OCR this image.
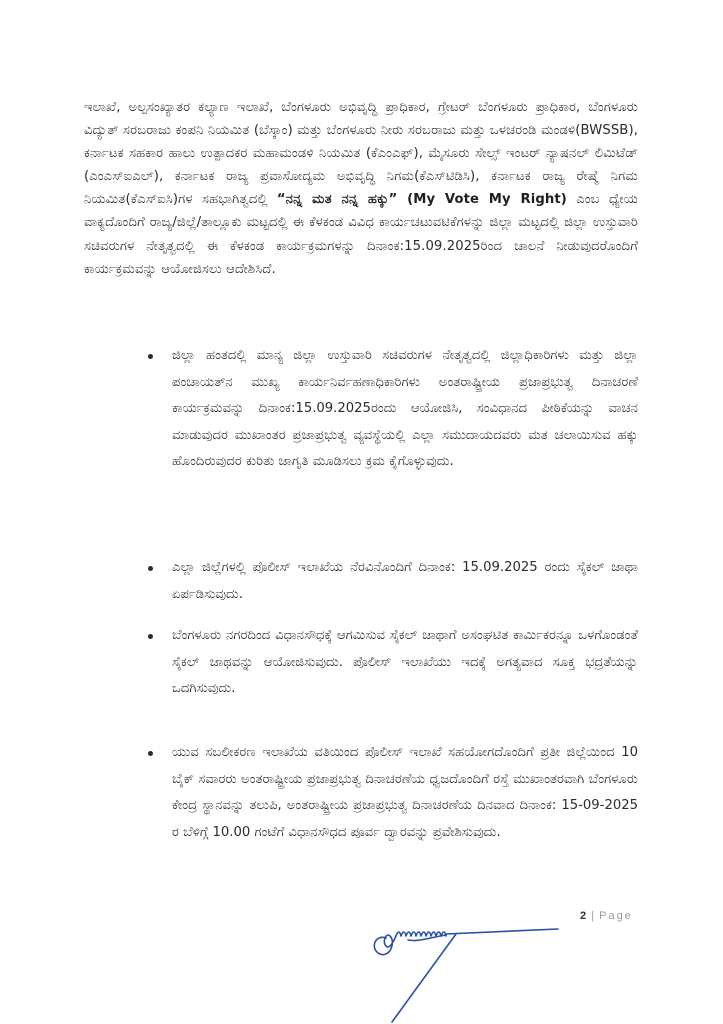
ಇಲಾಖೆ, ಅಲ್ಪಸಂಖ್ಯಾತರ ಕಲ್ಯಾಣ ಇಲಾಖೆ, ಬೆಂಗಳೂರು ಅಭಿವೃದ್ಧಿ ಪ್ರಾಧಿಕಾರ, ಗ್ರೇಟರ್ ಬೆಂಗಳೂರು ಪ್ರಾಧಿಕಾರ, ಬೆಂಗಳೂರು ವಿದ್ಯುತ್ ಸರಬರಾಜು ಕಂಪನಿ ನಿಯಮಿತ (ಬೆಸ್ಕಾಂ) ಮತ್ತು ಬೆಂಗಳೂರು ನೀರು ಸರಬರಾಜು ಮತ್ತು ಒಳಚರಂಡಿ ಮಂಡಳಿ(BWSSB), ಕರ್ನಾಟಕ ಸಹಕಾರ ಹಾಲು ಉತ್ಪಾದಕರ ಮಹಾಮಂಡಳಿ ನಿಯಮಿತ (ಕೆಎಂಎಫ್), ಮೈಸೂರು ಸೇಲ್ಸ್ ಇಂಟರ್ ನ್ಯಾಷನಲ್ ಲಿಮಿಟೆಡ್ (ಎಂಎಸ್ಐಎಲ್), ಕರ್ನಾಟಕ ರಾಜ್ಯ ಪ್ರವಾಸೋದ್ಯಮ ಅಭಿವೃದ್ಧಿ ನಿಗಮ(ಕೆಎಸ್‌ಟಿಡಿಸಿ), ಕರ್ನಾಟಕ ರಾಜ್ಯ ರೇಷ್ಮೆ ನಿಗಮ ನಿಯಮಿತ(ಕೆಎಸ್ಐಸಿ)ಗಳ ಸಹಭಾಗಿತ್ವದಲ್ಲಿ “ನನ್ನ ಮತ ನನ್ನ ಹಕ್ಕು” (My Vote My Right) ಎಂಬ ಧ್ಯೇಯ ವಾಕ್ಯದೊಂದಿಗೆ ರಾಜ್ಯ/ಜಿಲ್ಲೆ/ತಾಲ್ಲೂಕು ಮಟ್ಟದಲ್ಲಿ ಈ ಕೆಳಕಂಡ ವಿವಿಧ ಕಾರ್ಯಚಟುವಟಿಕೆಗಳನ್ನು ಜಿಲ್ಲಾ ಮಟ್ಟದಲ್ಲಿ ಜಿಲ್ಲಾ ಉಸ್ತುವಾರಿ ಸಚಿವರುಗಳ ನೇತೃತ್ವದಲ್ಲಿ ಈ ಕೆಳಕಂಡ ಕಾರ್ಯಕ್ರಮಗಳನ್ನು ದಿನಾಂಕ:15.09.2025ರಿಂದ ಚಾಲನೆ ನೀಡುವುದರೊಂದಿಗೆ ಕಾರ್ಯಕ್ರಮವನ್ನು ಆಯೋಜಿಸಲು ಆದೇಶಿಸಿದೆ.

ಜಿಲ್ಲಾ ಹಂತದಲ್ಲಿ ಮಾನ್ಯ ಜಿಲ್ಲಾ ಉಸ್ತುವಾರಿ ಸಚಿವರುಗಳ ನೇತೃತ್ವದಲ್ಲಿ ಜಿಲ್ಲಾಧಿಕಾರಿಗಳು ಮತ್ತು ಜಿಲ್ಲಾ ಪಂಚಾಯತ್‌ನ ಮುಖ್ಯ ಕಾರ್ಯನಿರ್ವಹಣಾಧಿಕಾರಿಗಳು ಅಂತರಾಷ್ಟ್ರೀಯ ಪ್ರಜಾಪ್ರಭುತ್ವ ದಿನಾಚರಣೆ ಕಾರ್ಯಕ್ರಮವನ್ನು ದಿನಾಂಕ:15.09.2025ರಂದು ಆಯೋಜಿಸಿ, ಸಂವಿಧಾನದ ಪೀಠಿಕೆಯನ್ನು ವಾಚನ ಮಾಡುವುದರ ಮುಖಾಂತರ ಪ್ರಜಾಪ್ರಭುತ್ವ ವ್ಯವಸ್ಥೆಯಲ್ಲಿ ಎಲ್ಲಾ ಸಮುದಾಯದವರು ಮತ ಚಲಾಯಿಸುವ ಹಕ್ಕು ಹೊಂದಿರುವುದರ ಕುರಿತು ಜಾಗೃತಿ ಮೂಡಿಸಲು ಕ್ರಮ ಕೈಗೊಳ್ಳುವುದು.
ಎಲ್ಲಾ ಜಿಲ್ಲೆಗಳಲ್ಲಿ ಪೊಲೀಸ್ ಇಲಾಖೆಯ ನೆರವಿನೊಂದಿಗೆ ದಿನಾಂಕ: 15.09.2025 ರಂದು ಸೈಕಲ್ ಜಾಥಾ ಏರ್ಪಡಿಸುವುದು.
ಬೆಂಗಳೂರು ನಗರದಿಂದ ವಿಧಾನಸೌಧಕ್ಕೆ ಆಗಮಿಸುವ ಸೈಕಲ್ ಜಾಥಾಗೆ ಅಸಂಘಟಿತ ಕಾರ್ಮಿಕರನ್ನೂ ಒಳಗೊಂಡಂತೆ ಸೈಕಲ್ ಜಾಥವನ್ನು ಆಯೋಜಿಸುವುದು. ಪೊಲೀಸ್ ಇಲಾಖೆಯು ಇದಕ್ಕೆ ಅಗತ್ಯವಾದ ಸೂಕ್ತ ಭದ್ರತೆಯನ್ನು ಒದಗಿಸುವುದು.
ಯುವ ಸಬಲೀಕರಣ ಇಲಾಖೆಯ ವತಿಯಿಂದ ಪೊಲೀಸ್ ಇಲಾಖೆ ಸಹಯೋಗದೊಂದಿಗೆ ಪ್ರತೀ ಜಿಲ್ಲೆಯಿಂದ 10 ಬೈಕ್ ಸವಾರರು ಅಂತರಾಷ್ಟ್ರೀಯ ಪ್ರಜಾಪ್ರಭುತ್ವ ದಿನಾಚರಣೆಯ ಧ್ವಜದೊಂದಿಗೆ ರಸ್ತೆ ಮುಖಾಂತರವಾಗಿ ಬೆಂಗಳೂರು ಕೇಂದ್ರ ಸ್ಥಾನವನ್ನು ತಲುಪಿ, ಅಂತರಾಷ್ಟ್ರೀಯ ಪ್ರಜಾಪ್ರಭುತ್ವ ದಿನಾಚರಣೆಯ ದಿನವಾದ ದಿನಾಂಕ: 15-09-2025 ರ ಬೆಳಿಗ್ಗೆ 10.00 ಗಂಟೆಗೆ ವಿಧಾನಸೌಧದ ಪೂರ್ವ ದ್ವಾರವನ್ನು ಪ್ರವೇಶಿಸುವುದು.
2 | Page
